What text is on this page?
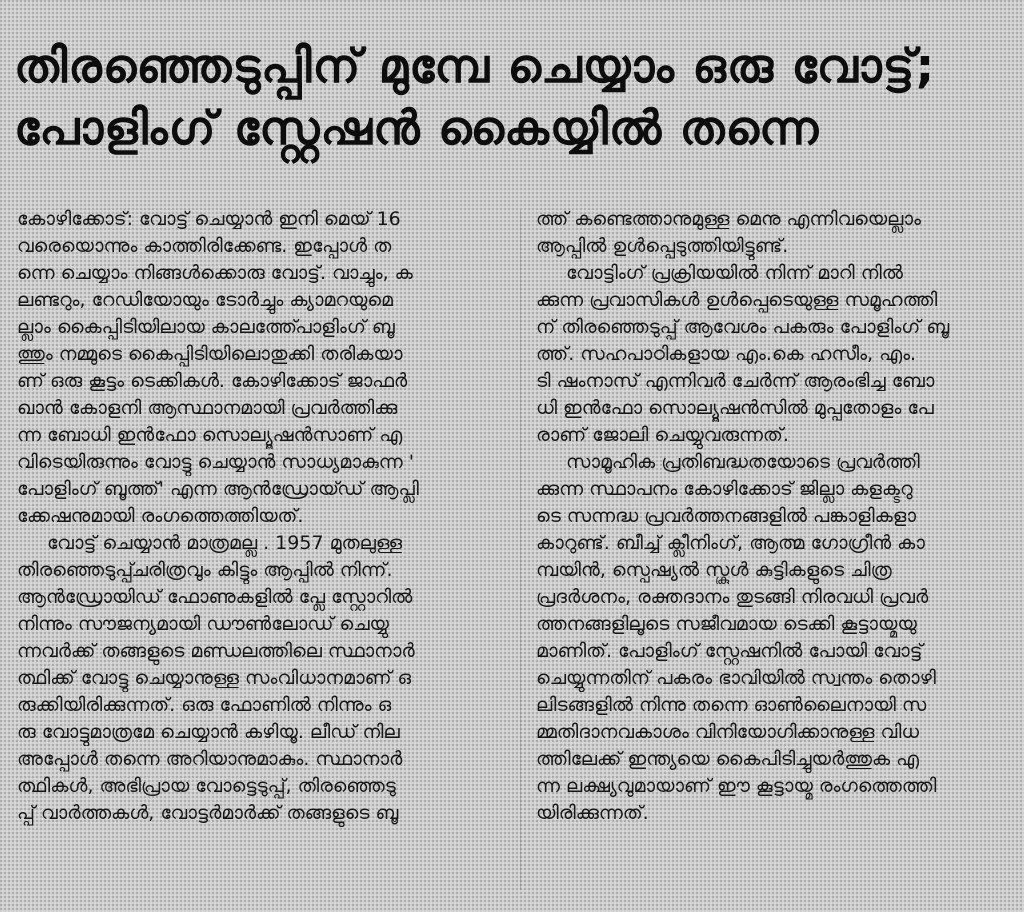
തിരഞ്ഞെടുപ്പിന് മുമ്പേ ചെയ്യാം ഒരു വോട്ട്;
പോളിംഗ് സ്റ്റേഷൻ കൈയ്യിൽ തന്നെ
കോഴിക്കോട്: വോട്ട് ചെയ്യാൻ ഇനി മെയ് 16
വരെയൊന്നും കാത്തിരിക്കേണ്ട. ഇപ്പോൾ ത
ന്നെ ചെയ്യാം നിങ്ങൾക്കൊരു വോട്ട്. വാച്ചും, ക
ലണ്ടറും, റേഡിയോയും ടോർച്ചും ക്യാമറയുമെ
ല്ലാം കൈപ്പിടിയിലായ കാലത്ത്പോളിംഗ് ബൂ
ത്തും നമ്മുടെ കൈപ്പിടിയിലൊതുക്കി തരികയാ
ണ് ഒരു കൂട്ടം ടെക്കികൾ. കോഴിക്കോട് ജാഫർ
ഖാൻ കോളനി ആസ്ഥാനമായി പ്രവർത്തിക്കു
ന്ന ബോധി ഇൻഫോ സൊല്യൂഷൻസാണ് എ
വിടെയിരുന്നും വോട്ടു ചെയ്യാൻ സാധ്യമാകുന്ന '
പോളിംഗ് ബൂത്ത്' എന്ന ആൻഡ്രോയ്ഡ് ആപ്ലി
ക്കേഷനുമായി രംഗത്തെത്തിയത്.
വോട്ട് ചെയ്യാൻ മാത്രമല്ല . 1957 മുതലുള്ള
തിരഞ്ഞെടുപ്പ്ചരിത്രവും കിട്ടും ആപ്പിൽ നിന്ന്.
ആൻഡ്രോയിഡ് ഫോണുകളിൽ പ്ലേ സ്റ്റോറിൽ
നിന്നും സൗജന്യമായി ഡൗൺലോഡ് ചെയ്യു
ന്നവർക്ക് തങ്ങളുടെ മണ്ഡലത്തിലെ സ്ഥാനാർ
ത്ഥിക്ക് വോട്ടു ചെയ്യാനുള്ള സംവിധാനമാണ് ഒ
രുക്കിയിരിക്കുന്നത്. ഒരു ഫോണിൽ നിന്നും ഒ
രു വോട്ടുമാത്രമേ ചെയ്യാൻ കഴിയൂ. ലീഡ് നില
അപ്പോൾ തന്നെ അറിയാനുമാകും. സ്ഥാനാർ
ത്ഥികൾ, അഭിപ്രായ വോട്ടെടുപ്പ്, തിരഞ്ഞെടു
പ്പ് വാർത്തകൾ, വോട്ടർമാർക്ക് തങ്ങളുടെ ബൂ
ത്ത് കണ്ടെത്താനുമുള്ള മെനു എന്നിവയെല്ലാം
ആപ്പിൽ ഉൾപ്പെടുത്തിയിട്ടുണ്ട്.
വോട്ടിംഗ് പ്രക്രിയയിൽ നിന്ന് മാറി നിൽ
ക്കുന്ന പ്രവാസികൾ ഉൾപ്പെടെയുള്ള സമൂഹത്തി
ന് തിരഞ്ഞെടുപ്പ് ആവേശം പകരും പോളിംഗ് ബൂ
ത്ത്. സഹപാഠികളായ എം.കെ ഹസീം, എം.
ടി ഷംനാസ് എന്നിവർ ചേർന്ന് ആരംഭിച്ച ബോ
ധി ഇൻഫോ സൊല്യൂഷൻസിൽ മുപ്പതോളം പേ
രാണ് ജോലി ചെയ്യുവരുന്നത്.
സാമൂഹിക പ്രതിബദ്ധതയോടെ പ്രവർത്തി
ക്കുന്ന സ്ഥാപനം കോഴിക്കോട് ജില്ലാ കളക്ടറു
ടെ സന്നദ്ധ പ്രവർത്തനങ്ങളിൽ പങ്കാളികളാ
കാറുണ്ട്. ബീച്ച് ക്ലീനിംഗ്, ആത്മ ഗോഗ്രീൻ കാ
മ്പയിൻ, സ്പെഷ്യൽ സ്കൂൾ കുട്ടികളുടെ ചിത്ര
പ്രദർശനം, രക്തദാനം തുടങ്ങി നിരവധി പ്രവർ
ത്തനങ്ങളിലൂടെ സജീവമായ ടെക്കി കൂട്ടായ്മയു
മാണിത്. പോളിംഗ് സ്റ്റേഷനിൽ പോയി വോട്ട്
ചെയ്യുന്നതിന് പകരം ഭാവിയിൽ സ്വന്തം തൊഴി
ലിടങ്ങളിൽ നിന്നു തന്നെ ഓൺലൈനായി സ
മ്മതിദാനവകാശം വിനിയോഗിക്കാനുള്ള വിധ
ത്തിലേക്ക് ഇന്ത്യയെ കൈപിടിച്ചുയർത്തുക എ
ന്ന ലക്ഷ്യവുമായാണ് ഈ കൂട്ടായ്മ രംഗത്തെത്തി
യിരിക്കുന്നത്.
